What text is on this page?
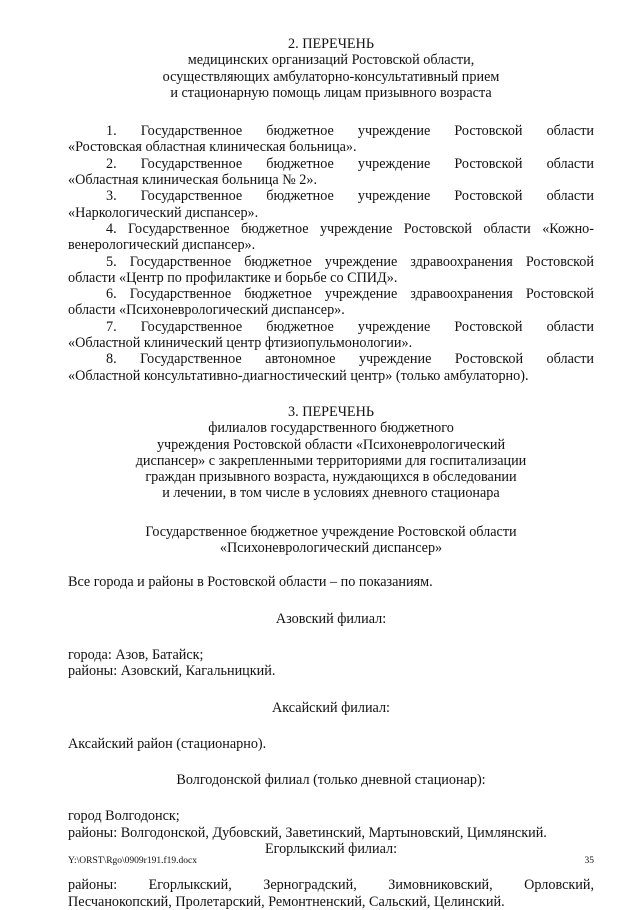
2. ПЕРЕЧЕНЬ
медицинских организаций Ростовской области,
осуществляющих амбулаторно-консультативный прием
и стационарную помощь лицам призывного возраста
1. Государственное бюджетное учреждение Ростовской области
«Ростовская областная клиническая больница».
2. Государственное бюджетное учреждение Ростовской области
«Областная клиническая больница № 2».
3. Государственное бюджетное учреждение Ростовской области
«Наркологический диспансер».
4. Государственное бюджетное учреждение Ростовской области «Кожно-
венерологический диспансер».
5. Государственное бюджетное учреждение здравоохранения Ростовской
области «Центр по профилактике и борьбе со СПИД».
6. Государственное бюджетное учреждение здравоохранения Ростовской
области «Психоневрологический диспансер».
7. Государственное бюджетное учреждение Ростовской области
«Областной клинический центр фтизиопульмонологии».
8. Государственное автономное учреждение Ростовской области
«Областной консультативно-диагностический центр» (только амбулаторно).
3. ПЕРЕЧЕНЬ
филиалов государственного бюджетного
учреждения Ростовской области «Психоневрологический
диспансер» с закрепленными территориями для госпитализации
граждан призывного возраста, нуждающихся в обследовании
и лечении, в том числе в условиях дневного стационара
Государственное бюджетное учреждение Ростовской области
«Психоневрологический диспансер»
Все города и районы в Ростовской области – по показаниям.
Азовский филиал:
города: Азов, Батайск;
районы: Азовский, Кагальницкий.
Аксайский филиал:
Аксайский район (стационарно).
Волгодонской филиал (только дневной стационар):
город Волгодонск;
районы: Волгодонской, Дубовский, Заветинский, Мартыновский, Цимлянский.
Егорлыкский филиал:
районы: Егорлыкский, Зерноградский, Зимовниковский, Орловский,
Песчанокопский, Пролетарский, Ремонтненский, Сальский, Целинский.
Y:\ORST\Rgo\0909r191.f19.docx	35
